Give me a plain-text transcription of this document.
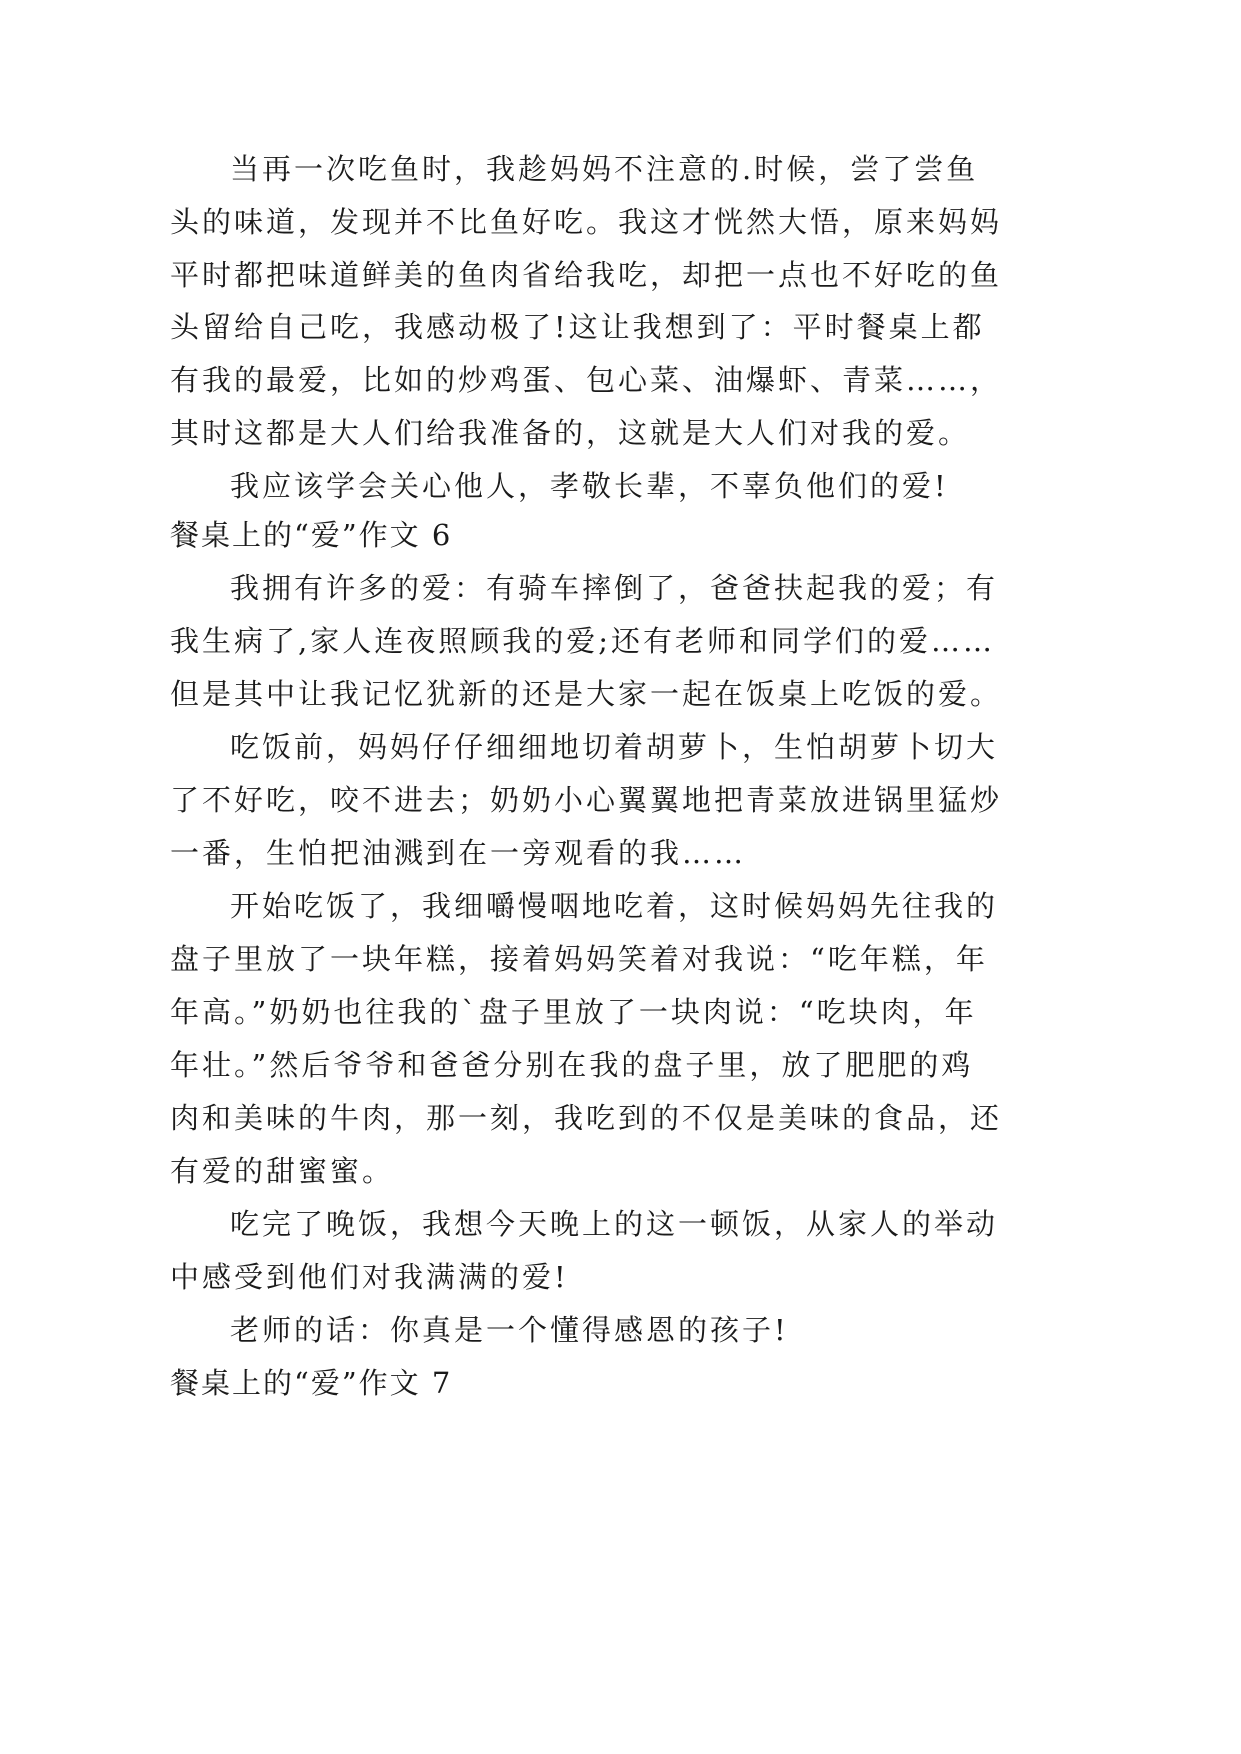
当再一次吃鱼时，我趁妈妈不注意的.时候，尝了尝鱼
头的味道，发现并不比鱼好吃。我这才恍然大悟，原来妈妈
平时都把味道鲜美的鱼肉省给我吃，却把一点也不好吃的鱼
头留给自己吃，我感动极了!这让我想到了：平时餐桌上都
有我的最爱，比如的炒鸡蛋、包心菜、油爆虾、青菜……，
其时这都是大人们给我准备的，这就是大人们对我的爱。
我应该学会关心他人，孝敬长辈，不辜负他们的爱!
餐桌上的“爱”作文 6
我拥有许多的爱：有骑车摔倒了，爸爸扶起我的爱；有
我生病了,家人连夜照顾我的爱;还有老师和同学们的爱……
但是其中让我记忆犹新的还是大家一起在饭桌上吃饭的爱。
吃饭前，妈妈仔仔细细地切着胡萝卜，生怕胡萝卜切大
了不好吃，咬不进去；奶奶小心翼翼地把青菜放进锅里猛炒
一番，生怕把油溅到在一旁观看的我……
开始吃饭了，我细嚼慢咽地吃着，这时候妈妈先往我的
盘子里放了一块年糕，接着妈妈笑着对我说：“吃年糕，年
年高。”奶奶也往我的`盘子里放了一块肉说：“吃块肉，年
年壮。”然后爷爷和爸爸分别在我的盘子里，放了肥肥的鸡
肉和美味的牛肉，那一刻，我吃到的不仅是美味的食品，还
有爱的甜蜜蜜。
吃完了晚饭，我想今天晚上的这一顿饭，从家人的举动
中感受到他们对我满满的爱!
老师的话：你真是一个懂得感恩的孩子!
餐桌上的“爱”作文 7
